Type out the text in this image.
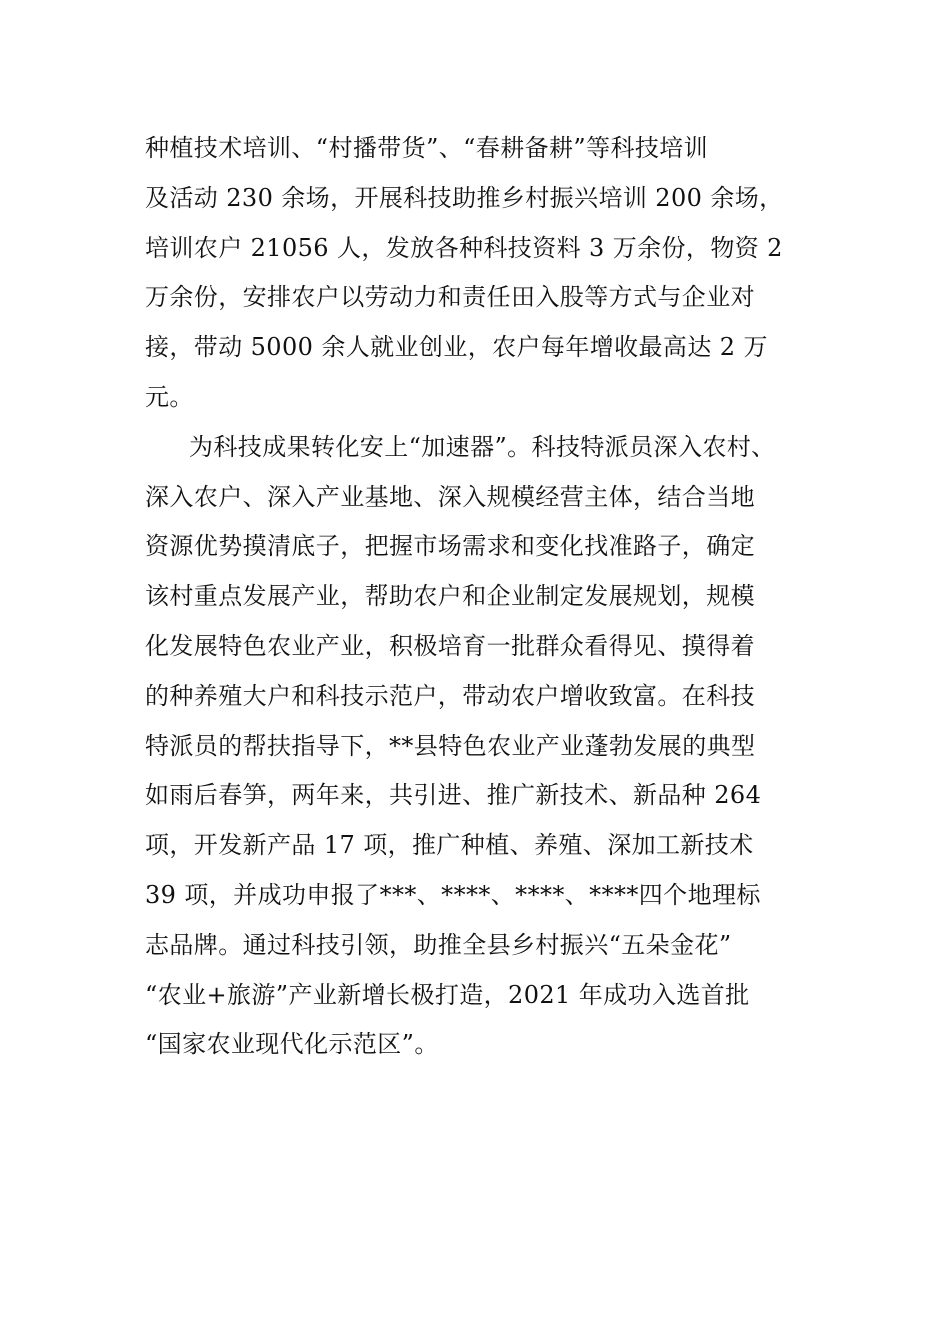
种植技术培训、“村播带货”、“春耕备耕”等科技培训
及活动 230 余场，开展科技助推乡村振兴培训 200 余场，
培训农户 21056 人，发放各种科技资料 3 万余份，物资 2
万余份，安排农户以劳动力和责任田入股等方式与企业对
接，带动 5000 余人就业创业，农户每年增收最高达 2 万
元。
为科技成果转化安上“加速器”。科技特派员深入农村、
深入农户、深入产业基地、深入规模经营主体，结合当地
资源优势摸清底子，把握市场需求和变化找准路子，确定
该村重点发展产业，帮助农户和企业制定发展规划，规模
化发展特色农业产业，积极培育一批群众看得见、摸得着
的种养殖大户和科技示范户，带动农户增收致富。在科技
特派员的帮扶指导下，**县特色农业产业蓬勃发展的典型
如雨后春笋，两年来，共引进、推广新技术、新品种 264
项，开发新产品 17 项，推广种植、养殖、深加工新技术
39 项，并成功申报了***、****、****、****四个地理标
志品牌。通过科技引领，助推全县乡村振兴“五朵金花”
“农业+旅游”产业新增长极打造，2021 年成功入选首批
“国家农业现代化示范区”。
